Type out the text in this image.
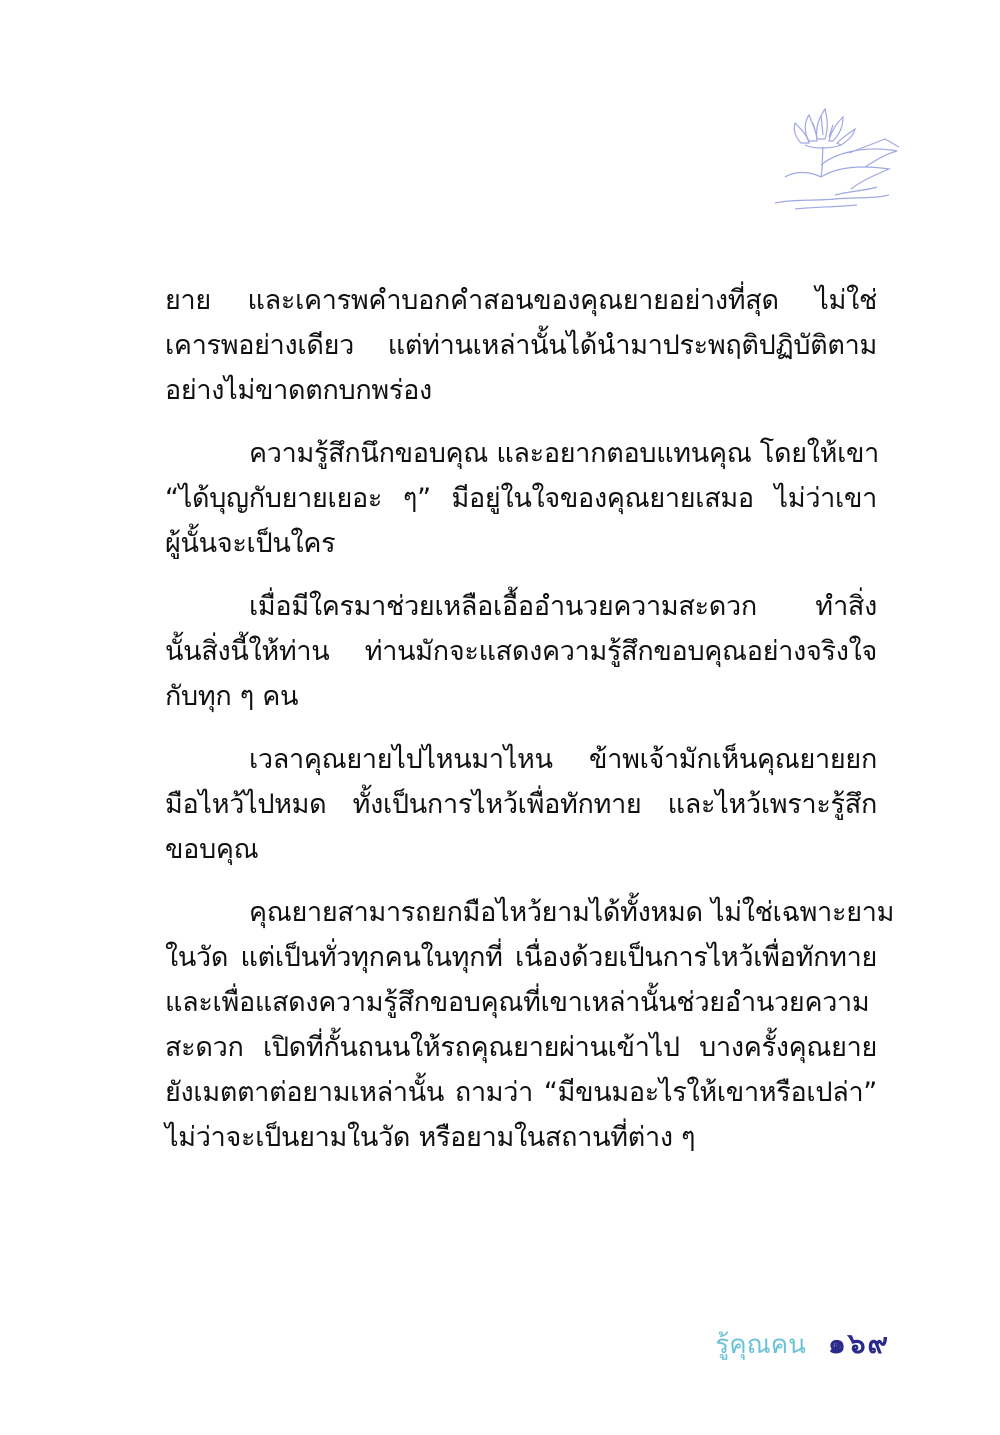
ยาย และเคารพคำบอกคำสอนของคุณยายอย่างที่สุด ไม่ใช่
เคารพอย่างเดียว แต่ท่านเหล่านั้นได้นำมาประพฤติปฏิบัติตาม
อย่างไม่ขาดตกบกพร่อง
ความรู้สึกนึกขอบคุณ และอยากตอบแทนคุณ โดยให้เขา
“ได้บุญกับยายเยอะ ๆ” มีอยู่ในใจของคุณยายเสมอ ไม่ว่าเขา
ผู้นั้นจะเป็นใคร
เมื่อมีใครมาช่วยเหลือเอื้ออำนวยความสะดวก ทำสิ่ง
นั้นสิ่งนี้ให้ท่าน ท่านมักจะแสดงความรู้สึกขอบคุณอย่างจริงใจ
กับทุก ๆ คน
เวลาคุณยายไปไหนมาไหน ข้าพเจ้ามักเห็นคุณยายยก
มือไหว้ไปหมด ทั้งเป็นการไหว้เพื่อทักทาย และไหว้เพราะรู้สึก
ขอบคุณ
คุณยายสามารถยกมือไหว้ยามได้ทั้งหมด ไม่ใช่เฉพาะยาม
ในวัด แต่เป็นทั่วทุกคนในทุกที่ เนื่องด้วยเป็นการไหว้เพื่อทักทาย
และเพื่อแสดงความรู้สึกขอบคุณที่เขาเหล่านั้นช่วยอำนวยความ
สะดวก เปิดที่กั้นถนนให้รถคุณยายผ่านเข้าไป บางครั้งคุณยาย
ยังเมตตาต่อยามเหล่านั้น ถามว่า “มีขนมอะไรให้เขาหรือเปล่า”
ไม่ว่าจะเป็นยามในวัด หรือยามในสถานที่ต่าง ๆ
รู้คุณคน ๑๖๙
